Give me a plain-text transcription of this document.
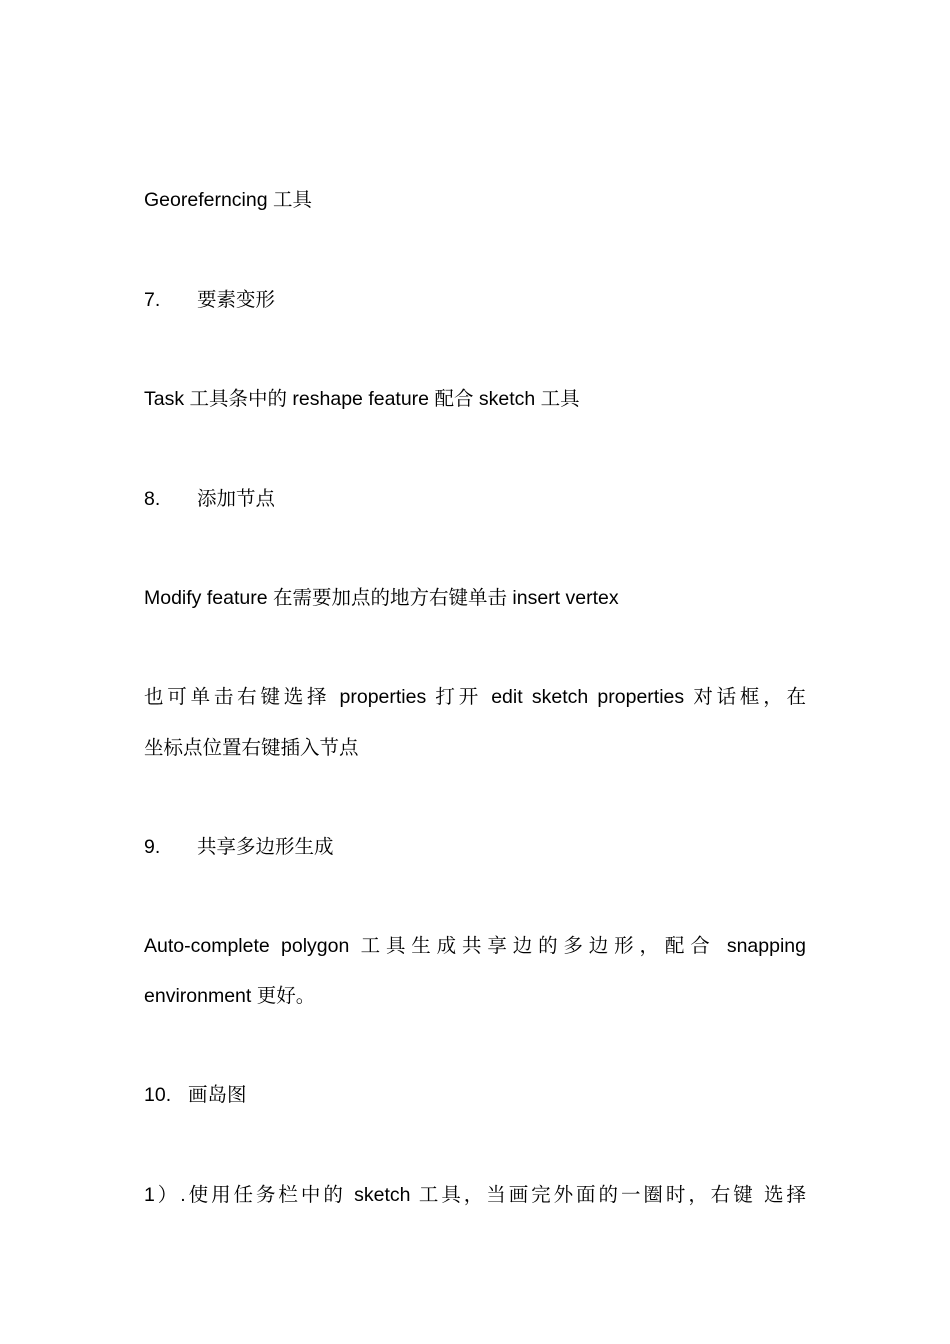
Georeferncing 工具
7. 要素变形
Task 工具条中的 reshape feature 配合 sketch 工具
8. 添加节点
Modify feature 在需要加点的地方右键单击 insert vertex
也可单击右键选择 properties 打开 edit sketch properties 对话框，在
坐标点位置右键插入节点
9. 共享多边形生成
Auto-complete polygon 工具生成共享边的多边形，配合 snapping
environment 更好。
10. 画岛图
1）.使用任务栏中的 sketch 工具，当画完外面的一圈时，右键 选择
